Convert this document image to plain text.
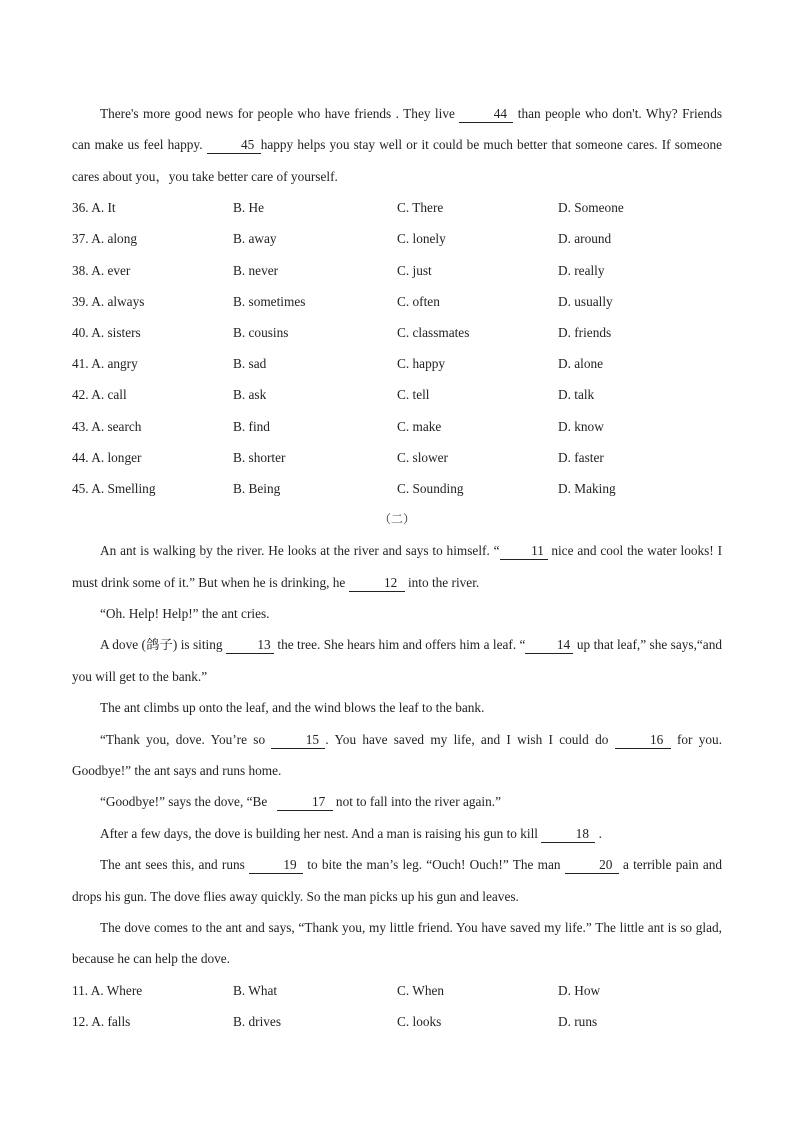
There's more good news for people who have friends . They live	44 than people who don't. Why? Friends can make us feel happy.	45 happy helps you stay well or it could be much better that someone cares. If someone cares about you，you take better care of yourself.

36. A. It	B. He	C. There	D. Someone
37. A. along	B. away	C. lonely	D. around
38. A. ever	B. never	C. just	D. really
39. A. always	B. sometimes	C. often	D. usually
40. A. sisters	B. cousins	C. classmates	D. friends
41. A. angry	B. sad	C. happy	D. alone
42. A. call	B. ask	C. tell	D. talk
43. A. search	B. find	C. make	D. know
44. A. longer	B. shorter	C. slower	D. faster
45. A. Smelling	B. Being	C. Sounding	D. Making

（二）

An ant is walking by the river. He looks at the river and says to himself. “ 11 nice and cool the water looks! I must drink some of it.” But when he is drinking, he	12 into the river.

“Oh. Help! Help!” the ant cries.

A dove (鸽子) is siting	13 the tree. She hears him and offers him a leaf. “ 14 up that leaf,” she says,“and you will get to the bank.”

The ant climbs up onto the leaf, and the wind blows the leaf to the bank.

“Thank you, dove. You’re so	15 . You have saved my life, and I wish I could do	16 for you. Goodbye!” the ant says and runs home.

“Goodbye!” says the dove, “Be	17 not to fall into the river again.”

After a few days, the dove is building her nest. And a man is raising his gun to kill	18 .

The ant sees this, and runs	19 to bite the man’s leg. “Ouch! Ouch!” The man	20 a terrible pain and drops his gun. The dove flies away quickly. So the man picks up his gun and leaves.

The dove comes to the ant and says, “Thank you, my little friend. You have saved my life.” The little ant is so glad, because he can help the dove.

11. A. Where	B. What	C. When	D. How
12. A. falls	B. drives	C. looks	D. runs
